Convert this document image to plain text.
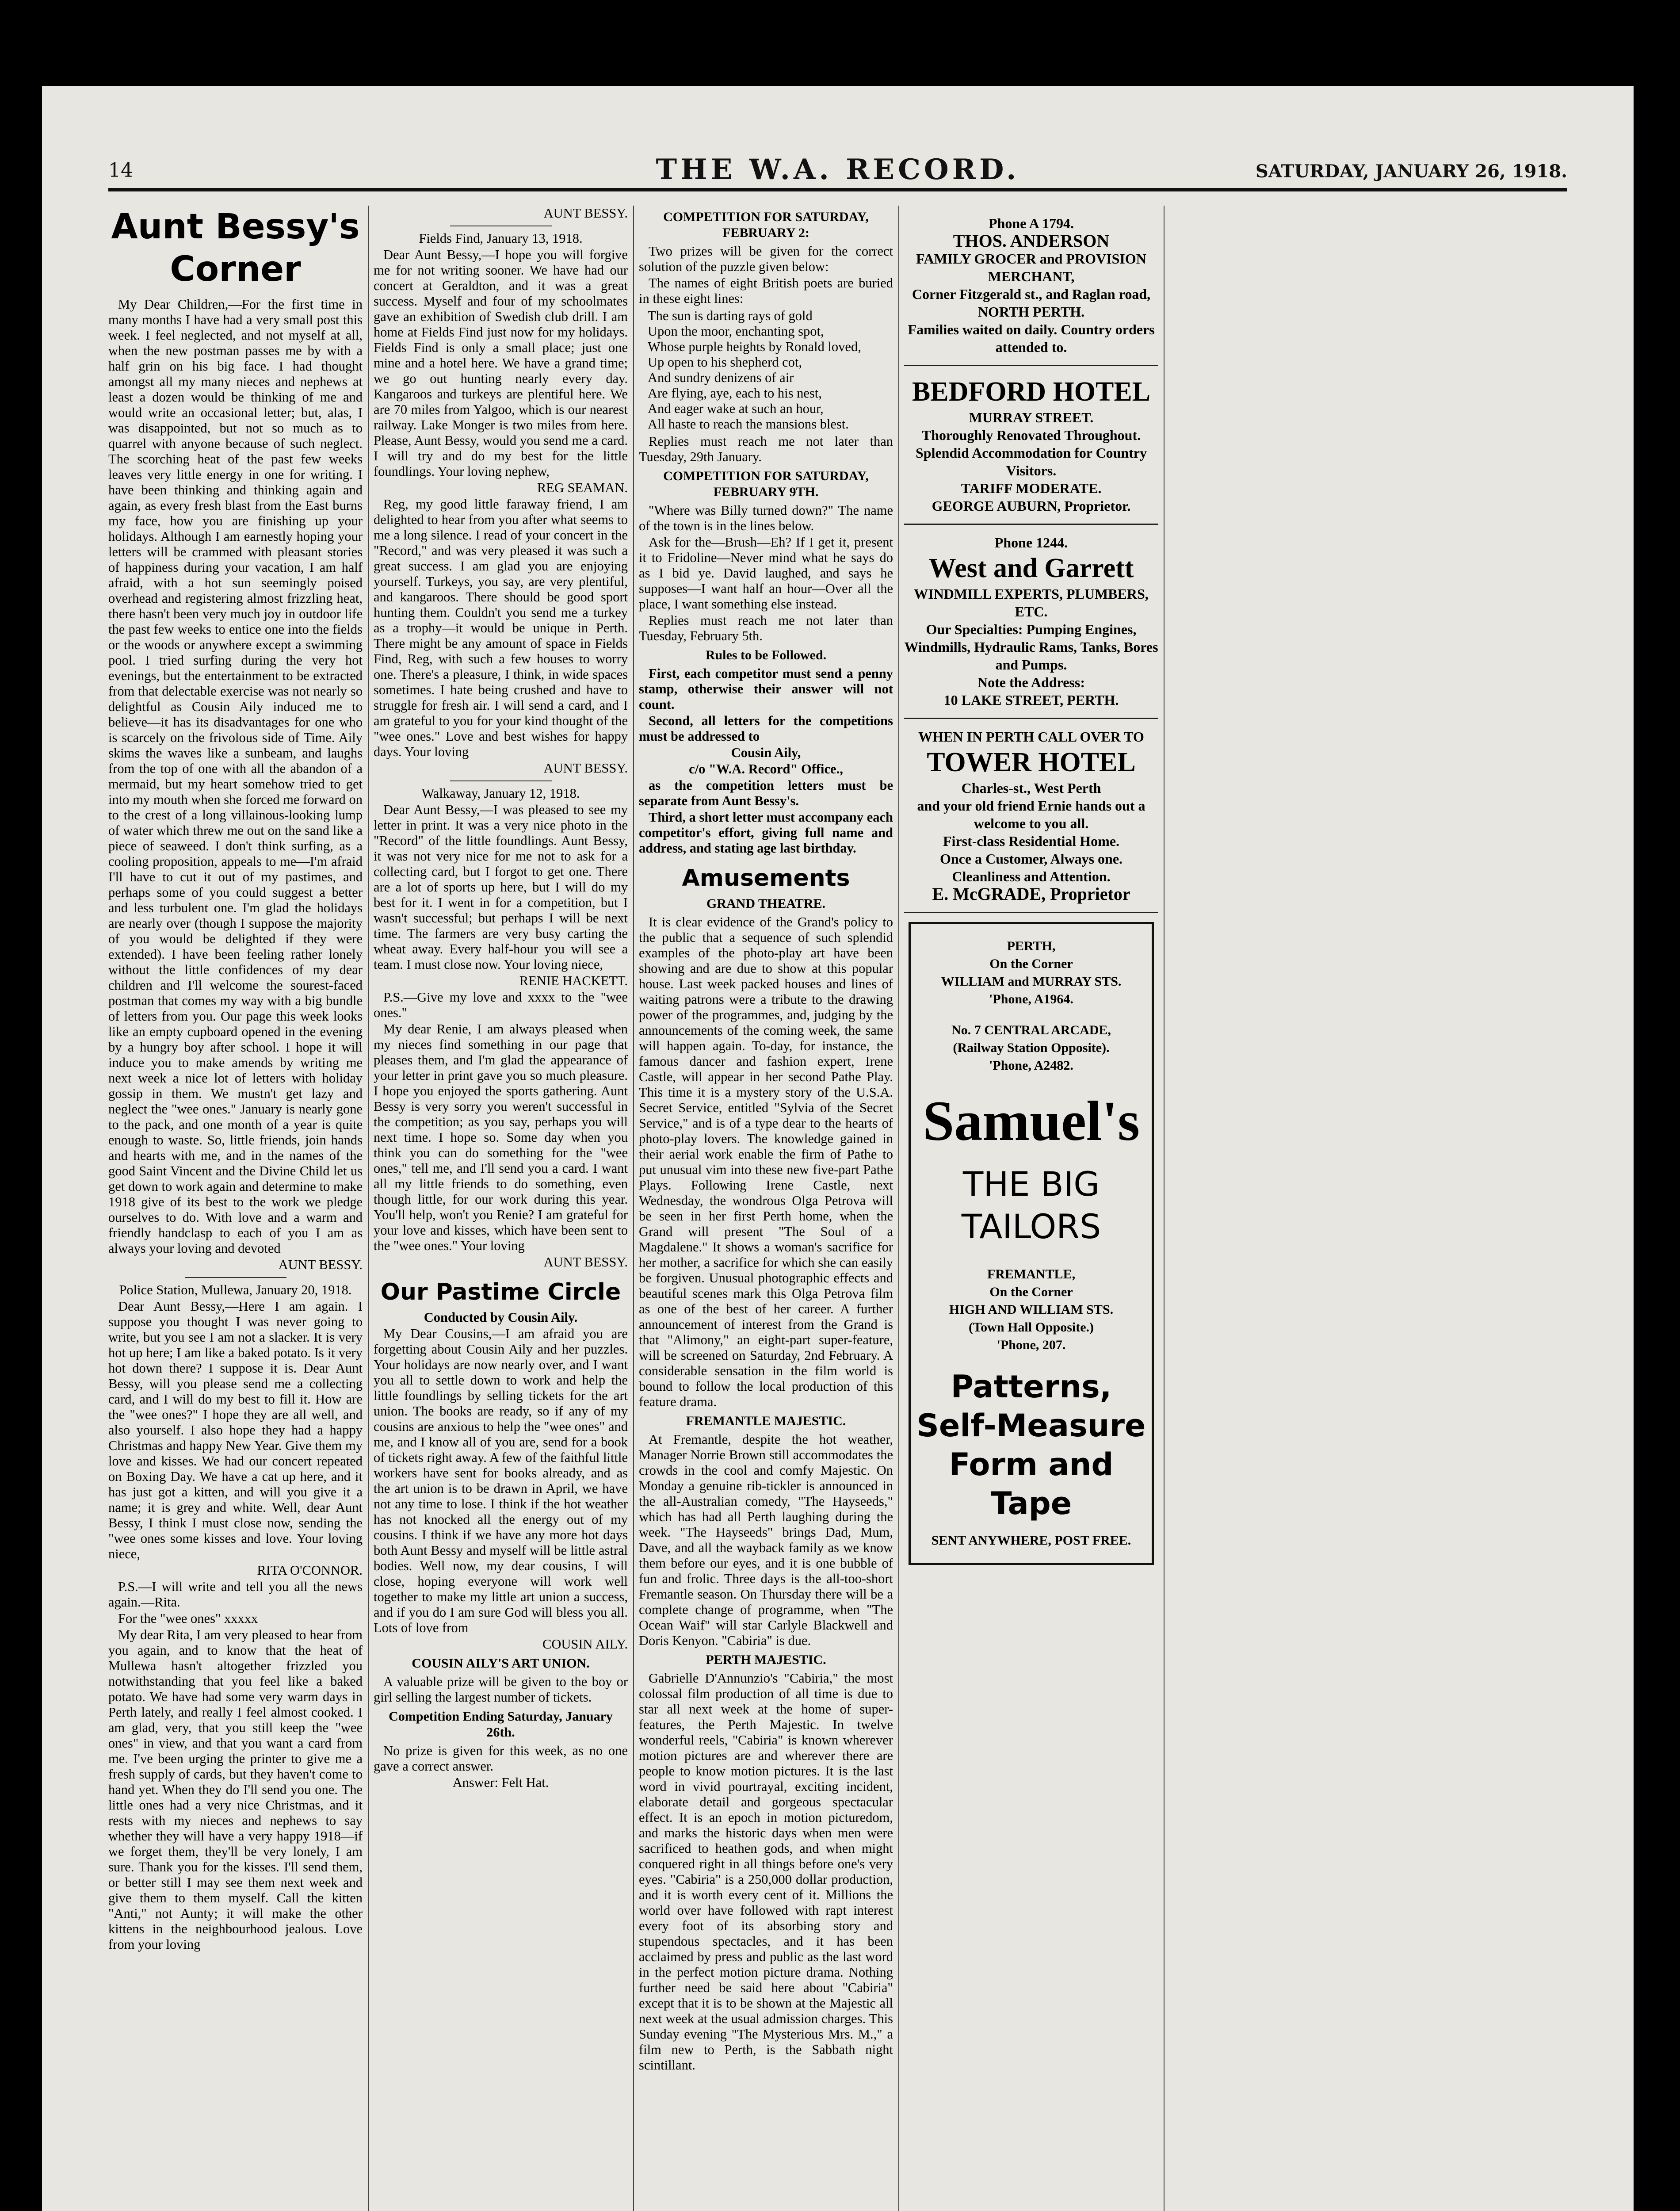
14	THE W.A. RECORD.	SATURDAY, JANUARY 26, 1918.
Aunt Bessy's Corner

My Dear Children,—For the first time in many months I have had a very small post this week. I feel neglected, and not myself at all, when the new postman passes me by with a half grin on his big face. I had thought amongst all my many nieces and nephews at least a dozen would be thinking of me and would write an occasional letter; but, alas, I was disappointed, but not so much as to quarrel with anyone because of such neglect. The scorching heat of the past few weeks leaves very little energy in one for writing. I have been thinking and thinking again and again, as every fresh blast from the East burns my face, how you are finishing up your holidays. Although I am earnestly hoping your letters will be crammed with pleasant stories of happiness during your vacation, I am half afraid, with a hot sun seemingly poised overhead and registering almost frizzling heat, there hasn't been very much joy in outdoor life the past few weeks to entice one into the fields or the woods or anywhere except a swimming pool. I tried surfing during the very hot evenings, but the entertainment to be extracted from that delectable exercise was not nearly so delightful as Cousin Aily induced me to believe—it has its disadvantages for one who is scarcely on the frivolous side of Time. Aily skims the waves like a sunbeam, and laughs from the top of one with all the abandon of a mermaid, but my heart somehow tried to get into my mouth when she forced me forward on to the crest of a long villainous-looking lump of water which threw me out on the sand like a piece of seaweed. I don't think surfing, as a cooling proposition, appeals to me—I'm afraid I'll have to cut it out of my pastimes, and perhaps some of you could suggest a better and less turbulent one. I'm glad the holidays are nearly over (though I suppose the majority of you would be delighted if they were extended). I have been feeling rather lonely without the little confidences of my dear children and I'll welcome the sourest-faced postman that comes my way with a big bundle of letters from you. Our page this week looks like an empty cupboard opened in the evening by a hungry boy after school. I hope it will induce you to make amends by writing me next week a nice lot of letters with holiday gossip in them. We mustn't get lazy and neglect the "wee ones." January is nearly gone to the pack, and one month of a year is quite enough to waste. So, little friends, join hands and hearts with me, and in the names of the good Saint Vincent and the Divine Child let us get down to work again and determine to make 1918 give of its best to the work we pledge ourselves to do. With love and a warm and friendly handclasp to each of you I am as always your loving and devoted

AUNT BESSY.

Police Station, Mullewa, January 20, 1918.

Dear Aunt Bessy,—Here I am again. I suppose you thought I was never going to write, but you see I am not a slacker. It is very hot up here; I am like a baked potato. Is it very hot down there? I suppose it is. Dear Aunt Bessy, will you please send me a collecting card, and I will do my best to fill it. How are the "wee ones?" I hope they are all well, and also yourself. I also hope they had a happy Christmas and happy New Year. Give them my love and kisses. We had our concert repeated on Boxing Day. We have a cat up here, and it has just got a kitten, and will you give it a name; it is grey and white. Well, dear Aunt Bessy, I think I must close now, sending the "wee ones some kisses and love. Your loving niece,

RITA O'CONNOR.

P.S.—I will write and tell you all the news again.—Rita.

For the "wee ones" xxxxx

My dear Rita, I am very pleased to hear from you again, and to know that the heat of Mullewa hasn't altogether frizzled you notwithstanding that you feel like a baked potato. We have had some very warm days in Perth lately, and really I feel almost cooked. I am glad, very, that you still keep the "wee ones" in view, and that you want a card from me. I've been urging the printer to give me a fresh supply of cards, but they haven't come to hand yet. When they do I'll send you one. The little ones had a very nice Christmas, and it rests with my nieces and nephews to say whether they will have a very happy 1918—if we forget them, they'll be very lonely, I am sure. Thank you for the kisses. I'll send them, or better still I may see them next week and give them to them myself. Call the kitten "Anti," not Aunty; it will make the other kittens in the neighbourhood jealous. Love from your loving

AUNT BESSY.

Fields Find, January 13, 1918.

Dear Aunt Bessy,—I hope you will forgive me for not writing sooner. We have had our concert at Geraldton, and it was a great success. Myself and four of my schoolmates gave an exhibition of Swedish club drill. I am home at Fields Find just now for my holidays. Fields Find is only a small place; just one mine and a hotel here. We have a grand time; we go out hunting nearly every day. Kangaroos and turkeys are plentiful here. We are 70 miles from Yalgoo, which is our nearest railway. Lake Monger is two miles from here. Please, Aunt Bessy, would you send me a card. I will try and do my best for the little foundlings. Your loving nephew,

REG SEAMAN.

Reg, my good little faraway friend, I am delighted to hear from you after what seems to me a long silence. I read of your concert in the "Record," and was very pleased it was such a great success. I am glad you are enjoying yourself. Turkeys, you say, are very plentiful, and kangaroos. There should be good sport hunting them. Couldn't you send me a turkey as a trophy—it would be unique in Perth. There might be any amount of space in Fields Find, Reg, with such a few houses to worry one. There's a pleasure, I think, in wide spaces sometimes. I hate being crushed and have to struggle for fresh air. I will send a card, and I am grateful to you for your kind thought of the "wee ones." Love and best wishes for happy days. Your loving

AUNT BESSY.

Walkaway, January 12, 1918.

Dear Aunt Bessy,—I was pleased to see my letter in print. It was a very nice photo in the "Record" of the little foundlings. Aunt Bessy, it was not very nice for me not to ask for a collecting card, but I forgot to get one. There are a lot of sports up here, but I will do my best for it. I went in for a competition, but I wasn't successful; but perhaps I will be next time. The farmers are very busy carting the wheat away. Every half-hour you will see a team. I must close now. Your loving niece,

RENIE HACKETT.

P.S.—Give my love and xxxx to the "wee ones."

My dear Renie, I am always pleased when my nieces find something in our page that pleases them, and I'm glad the appearance of your letter in print gave you so much pleasure. I hope you enjoyed the sports gathering. Aunt Bessy is very sorry you weren't successful in the competition; as you say, perhaps you will next time. I hope so. Some day when you think you can do something for the "wee ones," tell me, and I'll send you a card. I want all my little friends to do something, even though little, for our work during this year. You'll help, won't you Renie? I am grateful for your love and kisses, which have been sent to the "wee ones." Your loving

AUNT BESSY.

Our Pastime Circle

Conducted by Cousin Aily.

My Dear Cousins,—I am afraid you are forgetting about Cousin Aily and her puzzles. Your holidays are now nearly over, and I want you all to settle down to work and help the little foundlings by selling tickets for the art union. The books are ready, so if any of my cousins are anxious to help the "wee ones" and me, and I know all of you are, send for a book of tickets right away. A few of the faithful little workers have sent for books already, and as the art union is to be drawn in April, we have not any time to lose. I think if the hot weather has not knocked all the energy out of my cousins. I think if we have any more hot days both Aunt Bessy and myself will be little astral bodies. Well now, my dear cousins, I will close, hoping everyone will work well together to make my little art union a success, and if you do I am sure God will bless you all. Lots of love from

COUSIN AILY.

COUSIN AILY'S ART UNION.

A valuable prize will be given to the boy or girl selling the largest number of tickets.

Competition Ending Saturday, January 26th.

No prize is given for this week, as no one gave a correct answer.

Answer: Felt Hat.

COMPETITION FOR SATURDAY, FEBRUARY 2:

Two prizes will be given for the correct solution of the puzzle given below:

The names of eight British poets are buried in these eight lines:

The sun is darting rays of gold
Upon the moor, enchanting spot,
Whose purple heights by Ronald loved,
Up open to his shepherd cot,
And sundry denizens of air
Are flying, aye, each to his nest,
And eager wake at such an hour,
All haste to reach the mansions blest.

Replies must reach me not later than Tuesday, 29th January.

COMPETITION FOR SATURDAY, FEBRUARY 9TH.

"Where was Billy turned down?" The name of the town is in the lines below.

Ask for the—Brush—Eh? If I get it, present it to Fridoline—Never mind what he says do as I bid ye. David laughed, and says he supposes—I want half an hour—Over all the place, I want something else instead.

Replies must reach me not later than Tuesday, February 5th.

Rules to be Followed.

First, each competitor must send a penny stamp, otherwise their answer will not count.

Second, all letters for the competitions must be addressed to

Cousin Aily,

c/o "W.A. Record" Office.,

as the competition letters must be separate from Aunt Bessy's.

Third, a short letter must accompany each competitor's effort, giving full name and address, and stating age last birthday.

Amusements
GRAND THEATRE.

It is clear evidence of the Grand's policy to the public that a sequence of such splendid examples of the photo-play art have been showing and are due to show at this popular house. Last week packed houses and lines of waiting patrons were a tribute to the drawing power of the programmes, and, judging by the announcements of the coming week, the same will happen again. To-day, for instance, the famous dancer and fashion expert, Irene Castle, will appear in her second Pathe Play. This time it is a mystery story of the U.S.A. Secret Service, entitled "Sylvia of the Secret Service," and is of a type dear to the hearts of photo-play lovers. The knowledge gained in their aerial work enable the firm of Pathe to put unusual vim into these new five-part Pathe Plays. Following Irene Castle, next Wednesday, the wondrous Olga Petrova will be seen in her first Perth home, when the Grand will present "The Soul of a Magdalene." It shows a woman's sacrifice for her mother, a sacrifice for which she can easily be forgiven. Unusual photographic effects and beautiful scenes mark this Olga Petrova film as one of the best of her career. A further announcement of interest from the Grand is that "Alimony," an eight-part super-feature, will be screened on Saturday, 2nd February. A considerable sensation in the film world is bound to follow the local production of this feature drama.

FREMANTLE MAJESTIC.

At Fremantle, despite the hot weather, Manager Norrie Brown still accommodates the crowds in the cool and comfy Majestic. On Monday a genuine rib-tickler is announced in the all-Australian comedy, "The Hayseeds," which has had all Perth laughing during the week. "The Hayseeds" brings Dad, Mum, Dave, and all the wayback family as we know them before our eyes, and it is one bubble of fun and frolic. Three days is the all-too-short Fremantle season. On Thursday there will be a complete change of programme, when "The Ocean Waif" will star Carlyle Blackwell and Doris Kenyon. "Cabiria" is due.

PERTH MAJESTIC.

Gabrielle D'Annunzio's "Cabiria," the most colossal film production of all time is due to star all next week at the home of super-features, the Perth Majestic. In twelve wonderful reels, "Cabiria" is known wherever motion pictures are and wherever there are people to know motion pictures. It is the last word in vivid pourtrayal, exciting incident, elaborate detail and gorgeous spectacular effect. It is an epoch in motion picturedom, and marks the historic days when men were sacrificed to heathen gods, and when might conquered right in all things before one's very eyes. "Cabiria" is a 250,000 dollar production, and it is worth every cent of it. Millions the world over have followed with rapt interest every foot of its absorbing story and stupendous spectacles, and it has been acclaimed by press and public as the last word in the perfect motion picture drama. Nothing further need be said here about "Cabiria" except that it is to be shown at the Majestic all next week at the usual admission charges. This Sunday evening "The Mysterious Mrs. M.," a film new to Perth, is the Sabbath night scintillant.

Phone A 1794.
THOS. ANDERSON
FAMILY GROCER and PROVISION MERCHANT,
Corner Fitzgerald st., and Raglan road, NORTH PERTH.
Families waited on daily. Country orders attended to.
BEDFORD HOTEL
MURRAY STREET.
Thoroughly Renovated Throughout. Splendid Accommodation for Country Visitors.
TARIFF MODERATE.
GEORGE AUBURN, Proprietor.
Phone 1244.
West and Garrett
WINDMILL EXPERTS, PLUMBERS, ETC.
Our Specialties: Pumping Engines, Windmills, Hydraulic Rams, Tanks, Bores and Pumps.
Note the Address:
10 LAKE STREET, PERTH.
WHEN IN PERTH CALL OVER TO
TOWER HOTEL
Charles-st., West Perth
and your old friend Ernie hands out a welcome to you all.
First-class Residential Home.
Once a Customer, Always one.
Cleanliness and Attention.
E. McGRADE, Proprietor
PERTH,
On the Corner
WILLIAM and MURRAY STS.
'Phone, A1964.
No. 7 CENTRAL ARCADE,
(Railway Station Opposite).
'Phone, A2482.
Samuel's
THE BIG
TAILORS
FREMANTLE,
On the Corner
HIGH AND WILLIAM STS.
(Town Hall Opposite.)
'Phone, 207.
Patterns,
Self-Measure
Form and Tape
SENT ANYWHERE, POST FREE.
